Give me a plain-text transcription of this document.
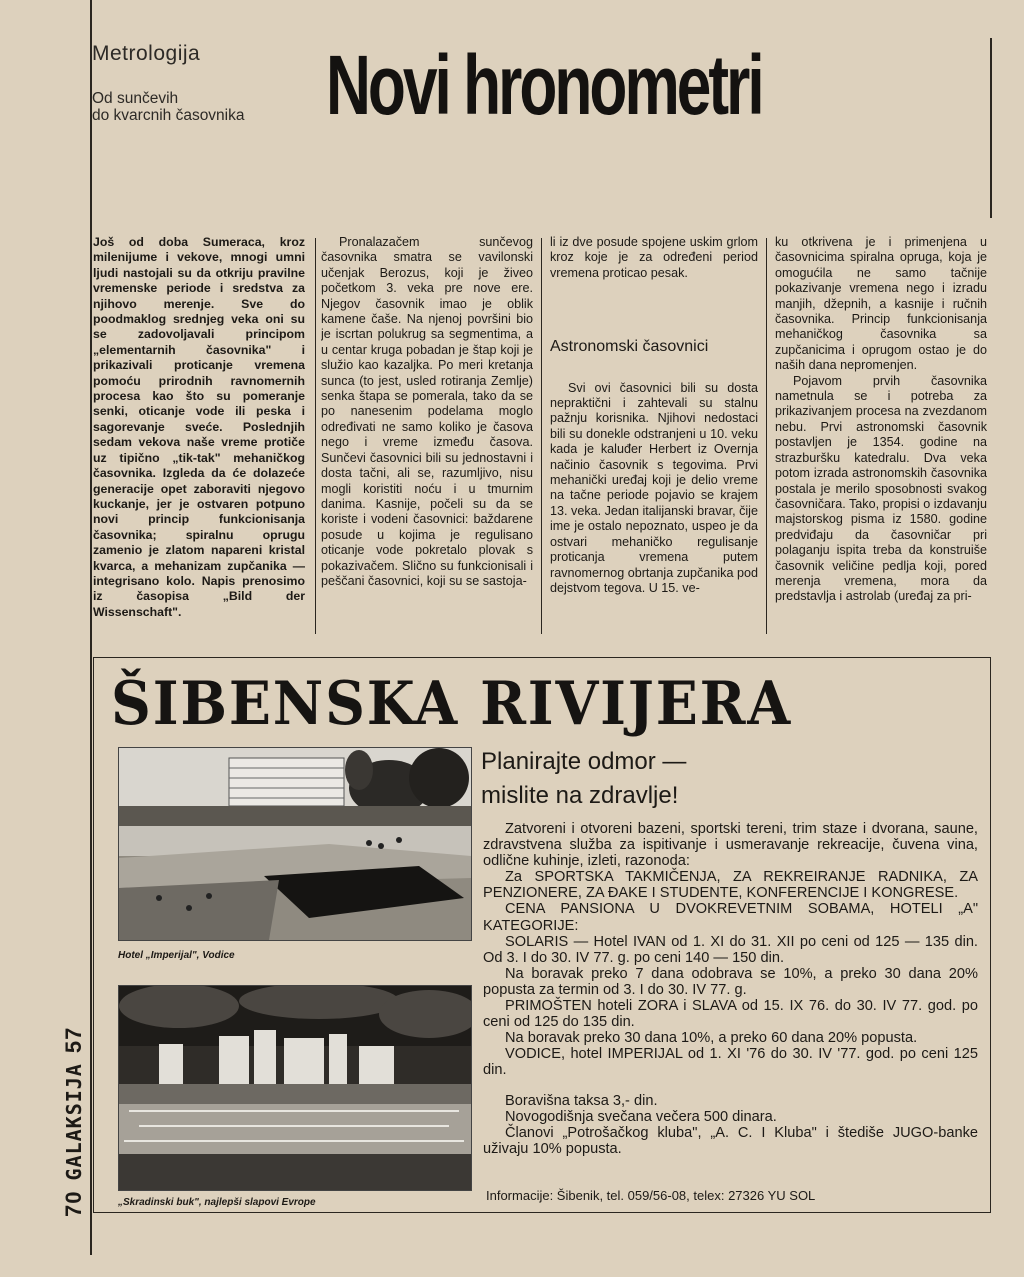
70
GALAKSIJA
57
Metrologija
Od sunčevih
do kvarcnih časovnika Novi hronometri

Još od doba Sumeraca, kroz milenijume i vekove, mnogi umni ljudi nastojali su da otkriju pravilne vremenske periode i sredstva za njihovo merenje. Sve do poodmaklog srednjeg veka oni su se zadovoljavali principom „elementarnih časovnika" i prikazivali proticanje vremena pomoću prirodnih ravnomernih procesa kao što su pomeranje senki, oticanje vode ili peska i sagorevanje sveće. Poslednjih sedam vekova naše vreme protiče uz tipično „tik-tak" mehaničkog časovnika. Izgleda da će dolazeće generacije opet zaboraviti njegovo kuckanje, jer je ostvaren potpuno novi princip funkcionisanja časovnika; spiralnu oprugu zamenio je zlatom napareni kristal kvarca, a mehanizam zupčanika — integrisano kolo. Napis prenosimo iz časopisa „Bild der Wissenschaft".

Pronalazačem sunčevog časovnika smatra se vavilonski učenjak Berozus, koji je živeo početkom 3. veka pre nove ere. Njegov časovnik imao je oblik kamene čaše. Na njenoj površini bio je iscrtan polukrug sa segmentima, a u centar kruga pobadan je štap koji je služio kao kazaljka. Po meri kretanja sunca (to jest, usled rotiranja Zemlje) senka štapa se pomerala, tako da se po nanesenim podelama moglo određivati ne samo koliko je časova nego i vreme između časova. Sunčevi časovnici bili su jednostavni i dosta tačni, ali se, razumljivo, nisu mogli koristiti noću i u tmurnim danima. Kasnije, počeli su da se koriste i vodeni časovnici: baždarene posude u kojima je regulisano oticanje vode pokretalo plovak s pokazivačem. Slično su funkcionisali i peščani časovnici, koji su se sastoja-

li iz dve posude spojene uskim grlom kroz koje je za određeni period vremena proticao pesak.

Astronomski časovnici

Svi ovi časovnici bili su dosta nepraktični i zahtevali su stalnu pažnju korisnika. Njihovi nedostaci bili su donekle odstranjeni u 10. veku kada je kaluđer Herbert iz Overnja načinio časovnik s tegovima. Prvi mehanički uređaj koji je delio vreme na tačne periode pojavio se krajem 13. veka. Jedan italijanski bravar, čije ime je ostalo nepoznato, uspeo je da ostvari mehaničko regulisanje proticanja vremena putem ravnomernog obrtanja zupčanika pod dejstvom tegova. U 15. ve-

ku otkrivena je i primenjena u časovnicima spiralna opruga, koja je omogućila ne samo tačnije pokazivanje vremena nego i izradu manjih, džepnih, a kasnije i ručnih časovnika. Princip funkcionisanja mehaničkog časovnika sa zupčanicima i oprugom ostao je do naših dana nepromenjen.

Pojavom prvih časovnika nametnula se i potreba za prikazivanjem procesa na zvezdanom nebu. Prvi astronomski časovnik postavljen je 1354. godine na strazburšku katedralu. Dva veka potom izrada astronomskih časovnika postala je merilo sposobnosti svakog časovničara. Tako, propisi o izdavanju majstorskog pisma iz 1580. godine predviđaju da časovničar pri polaganju ispita treba da konstruiše časovnik veličine pedlja koji, pored merenja vremena, mora da predstavlja i astrolab (uređaj za pri-

ŠIBENSKA RIVIJERA
Hotel „Imperijal", Vodice
„Skradinski buk", najlepši slapovi Evrope
Planirajte odmor —
mislite na zdravlje!

Zatvoreni i otvoreni bazeni, sportski tereni, trim staze i dvorana, saune, zdravstvena služba za ispitivanje i usmeravanje rekreacije, čuvena vina, odlične kuhinje, izleti, razonoda:

Za SPORTSKA TAKMIČENJA, ZA REKREIRANJE RADNIKA, ZA PENZIONERE, ZA ĐAKE I STUDENTE, KONFERENCIJE I KONGRESE.

CENA PANSIONA U DVOKREVETNIM SOBAMA, HOTELI „A" KATEGORIJE:

SOLARIS — Hotel IVAN od 1. XI do 31. XII po ceni od 125 — 135 din. Od 3. I do 30. IV 77. g. po ceni 140 — 150 din.

Na boravak preko 7 dana odobrava se 10%, a preko 30 dana 20% popusta za termin od 3. I do 30. IV 77. g.

PRIMOŠTEN hoteli ZORA i SLAVA od 15. IX 76. do 30. IV 77. god. po ceni od 125 do 135 din.

Na boravak preko 30 dana 10%, a preko 60 dana 20% popusta.

VODICE, hotel IMPERIJAL od 1. XI '76 do 30. IV '77. god. po ceni 125 din.

Boravišna taksa 3,- din.

Novogodišnja svečana večera 500 dinara.

Članovi „Potrošačkog kluba", „A. C. I Kluba" i štediše JUGO-banke uživaju 10% popusta.

Informacije: Šibenik, tel. 059/56-08, telex: 27326 YU SOL
